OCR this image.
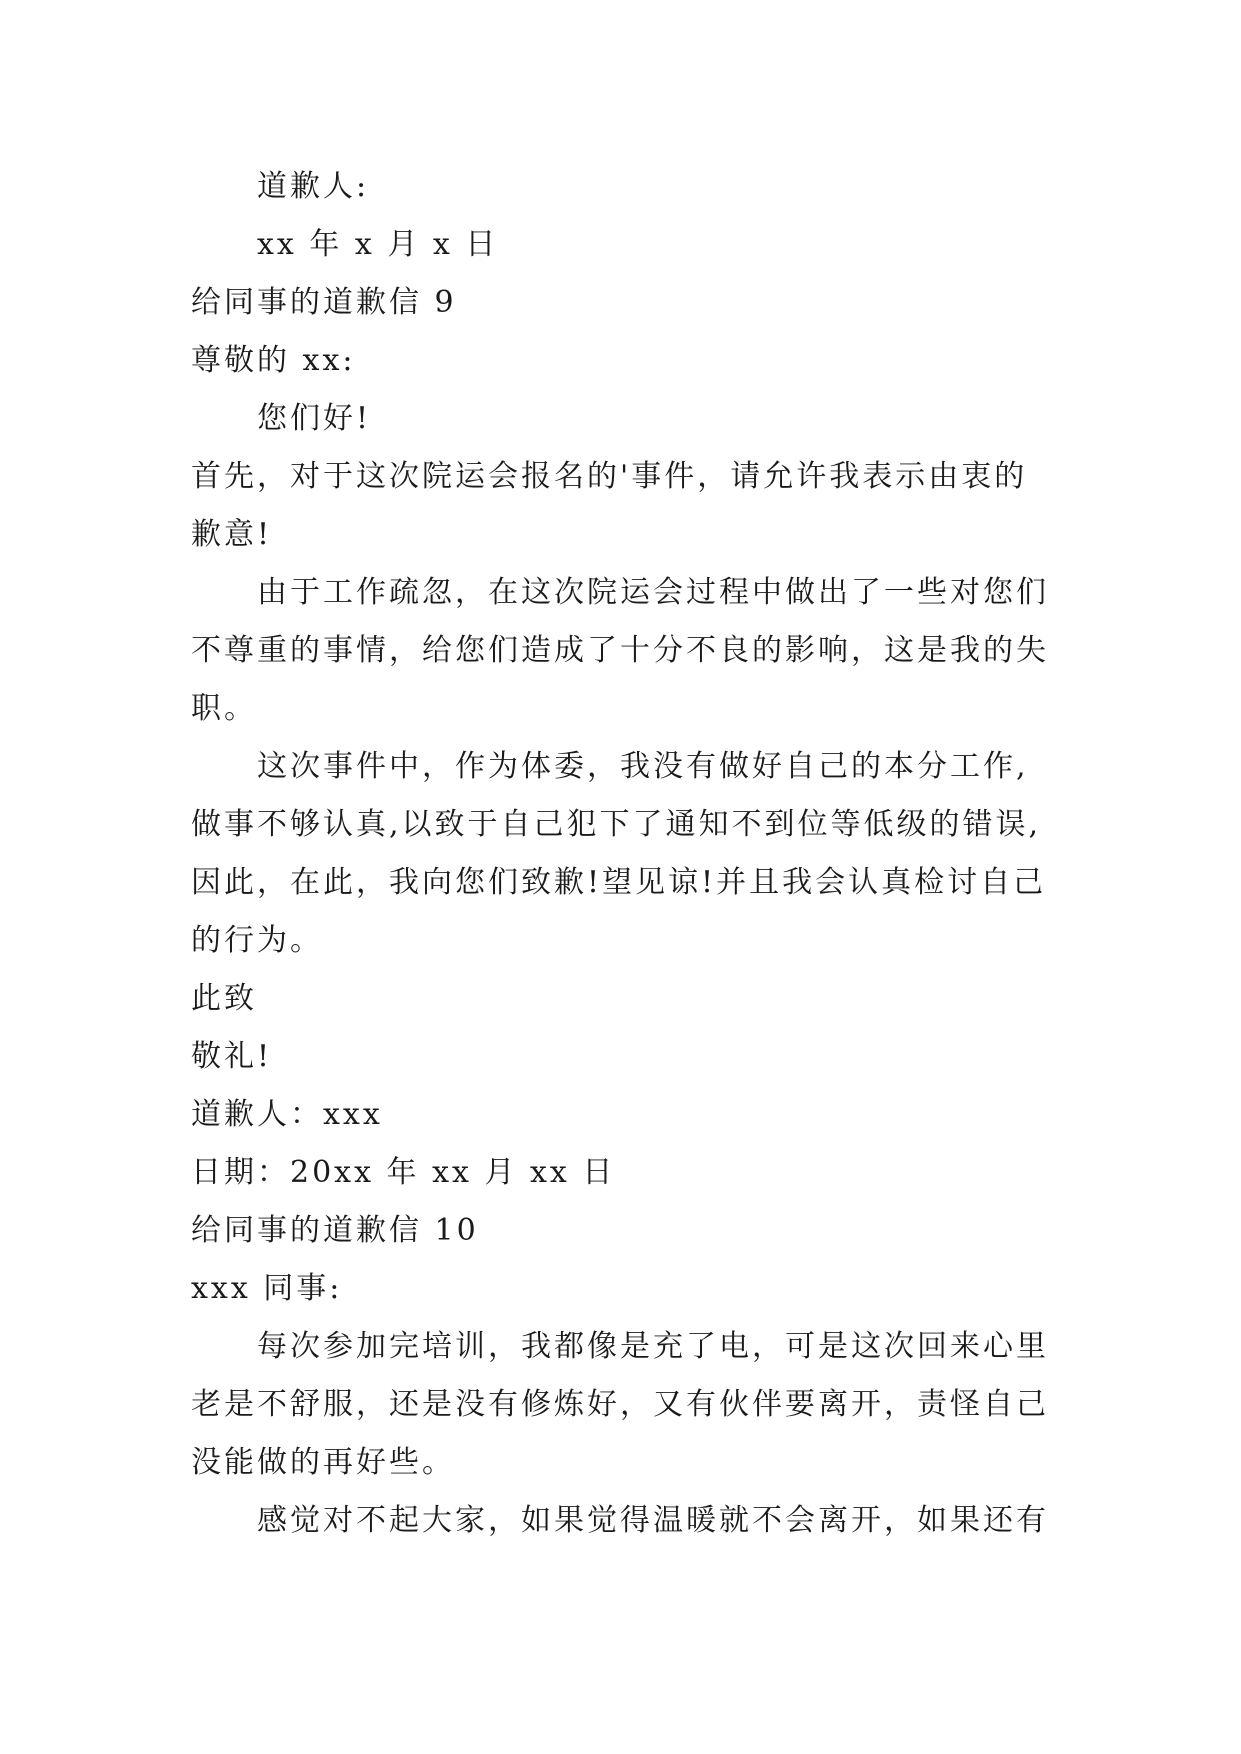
道歉人:
xx 年 x 月 x 日
给同事的道歉信 9
尊敬的 xx:
您们好!
首先，对于这次院运会报名的'事件，请允许我表示由衷的
歉意!
由于工作疏忽，在这次院运会过程中做出了一些对您们
不尊重的事情，给您们造成了十分不良的影响，这是我的失
职。
这次事件中，作为体委，我没有做好自己的本分工作,
做事不够认真,以致于自己犯下了通知不到位等低级的错误,
因此，在此，我向您们致歉!望见谅!并且我会认真检讨自己
的行为。
此致
敬礼!
道歉人：xxx
日期：20xx 年 xx 月 xx 日
给同事的道歉信 10
xxx 同事:
每次参加完培训，我都像是充了电，可是这次回来心里
老是不舒服，还是没有修炼好，又有伙伴要离开，责怪自己
没能做的再好些。
感觉对不起大家，如果觉得温暖就不会离开，如果还有
